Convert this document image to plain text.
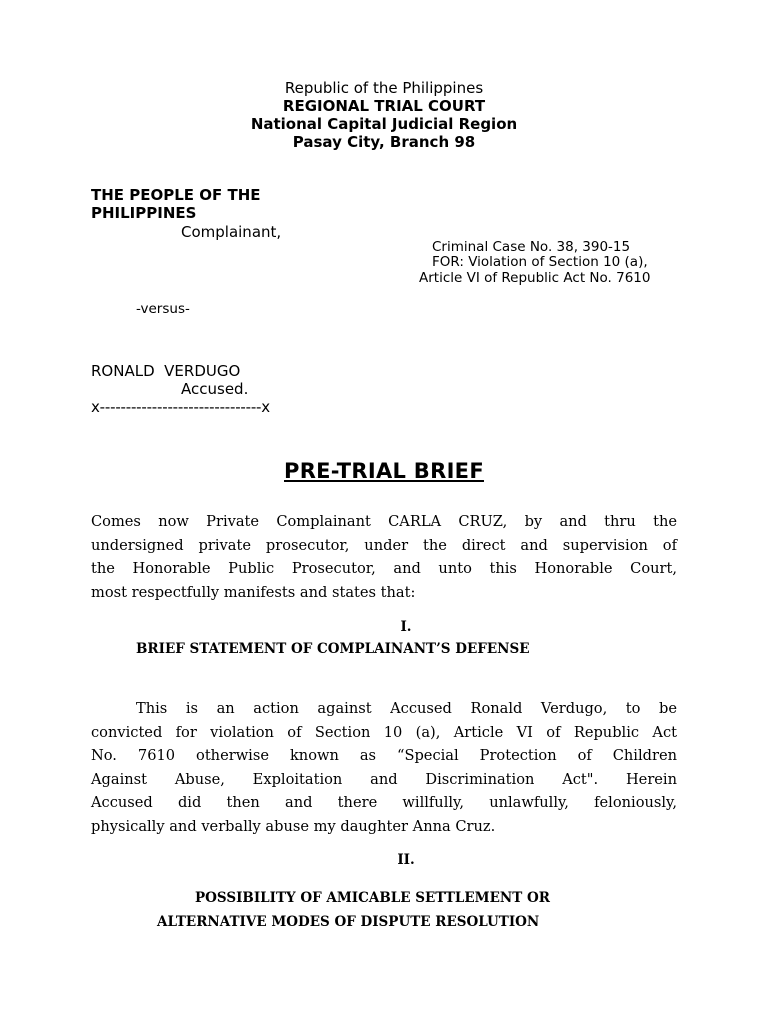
Republic of the Philippines

REGIONAL TRIAL COURT

National Capital Judicial Region

Pasay City, Branch 98

THE PEOPLE OF THE

PHILIPPINES

Complainant,

Criminal Case No. 38, 390-15

FOR: Violation of Section 10 (a),

Article VI of Republic Act No. 7610

-versus-

RONALD  VERDUGO

Accused.

x-------------------------------x

PRE-TRIAL BRIEF

Comes now Private Complainant CARLA CRUZ, by and thru the
undersigned private prosecutor, under the direct and supervision of
the Honorable Public Prosecutor, and unto this Honorable Court,
most respectfully manifests and states that:

I.

BRIEF STATEMENT OF COMPLAINANT’S DEFENSE

This is an action against Accused Ronald Verdugo, to be
convicted for violation of Section 10 (a), Article VI of Republic Act
No. 7610 otherwise known as “Special Protection of Children
Against Abuse, Exploitation and Discrimination Act". Herein
Accused did then and there willfully, unlawfully, feloniously,
physically and verbally abuse my daughter Anna Cruz.

II.

POSSIBILITY OF AMICABLE SETTLEMENT OR

ALTERNATIVE MODES OF DISPUTE RESOLUTION
